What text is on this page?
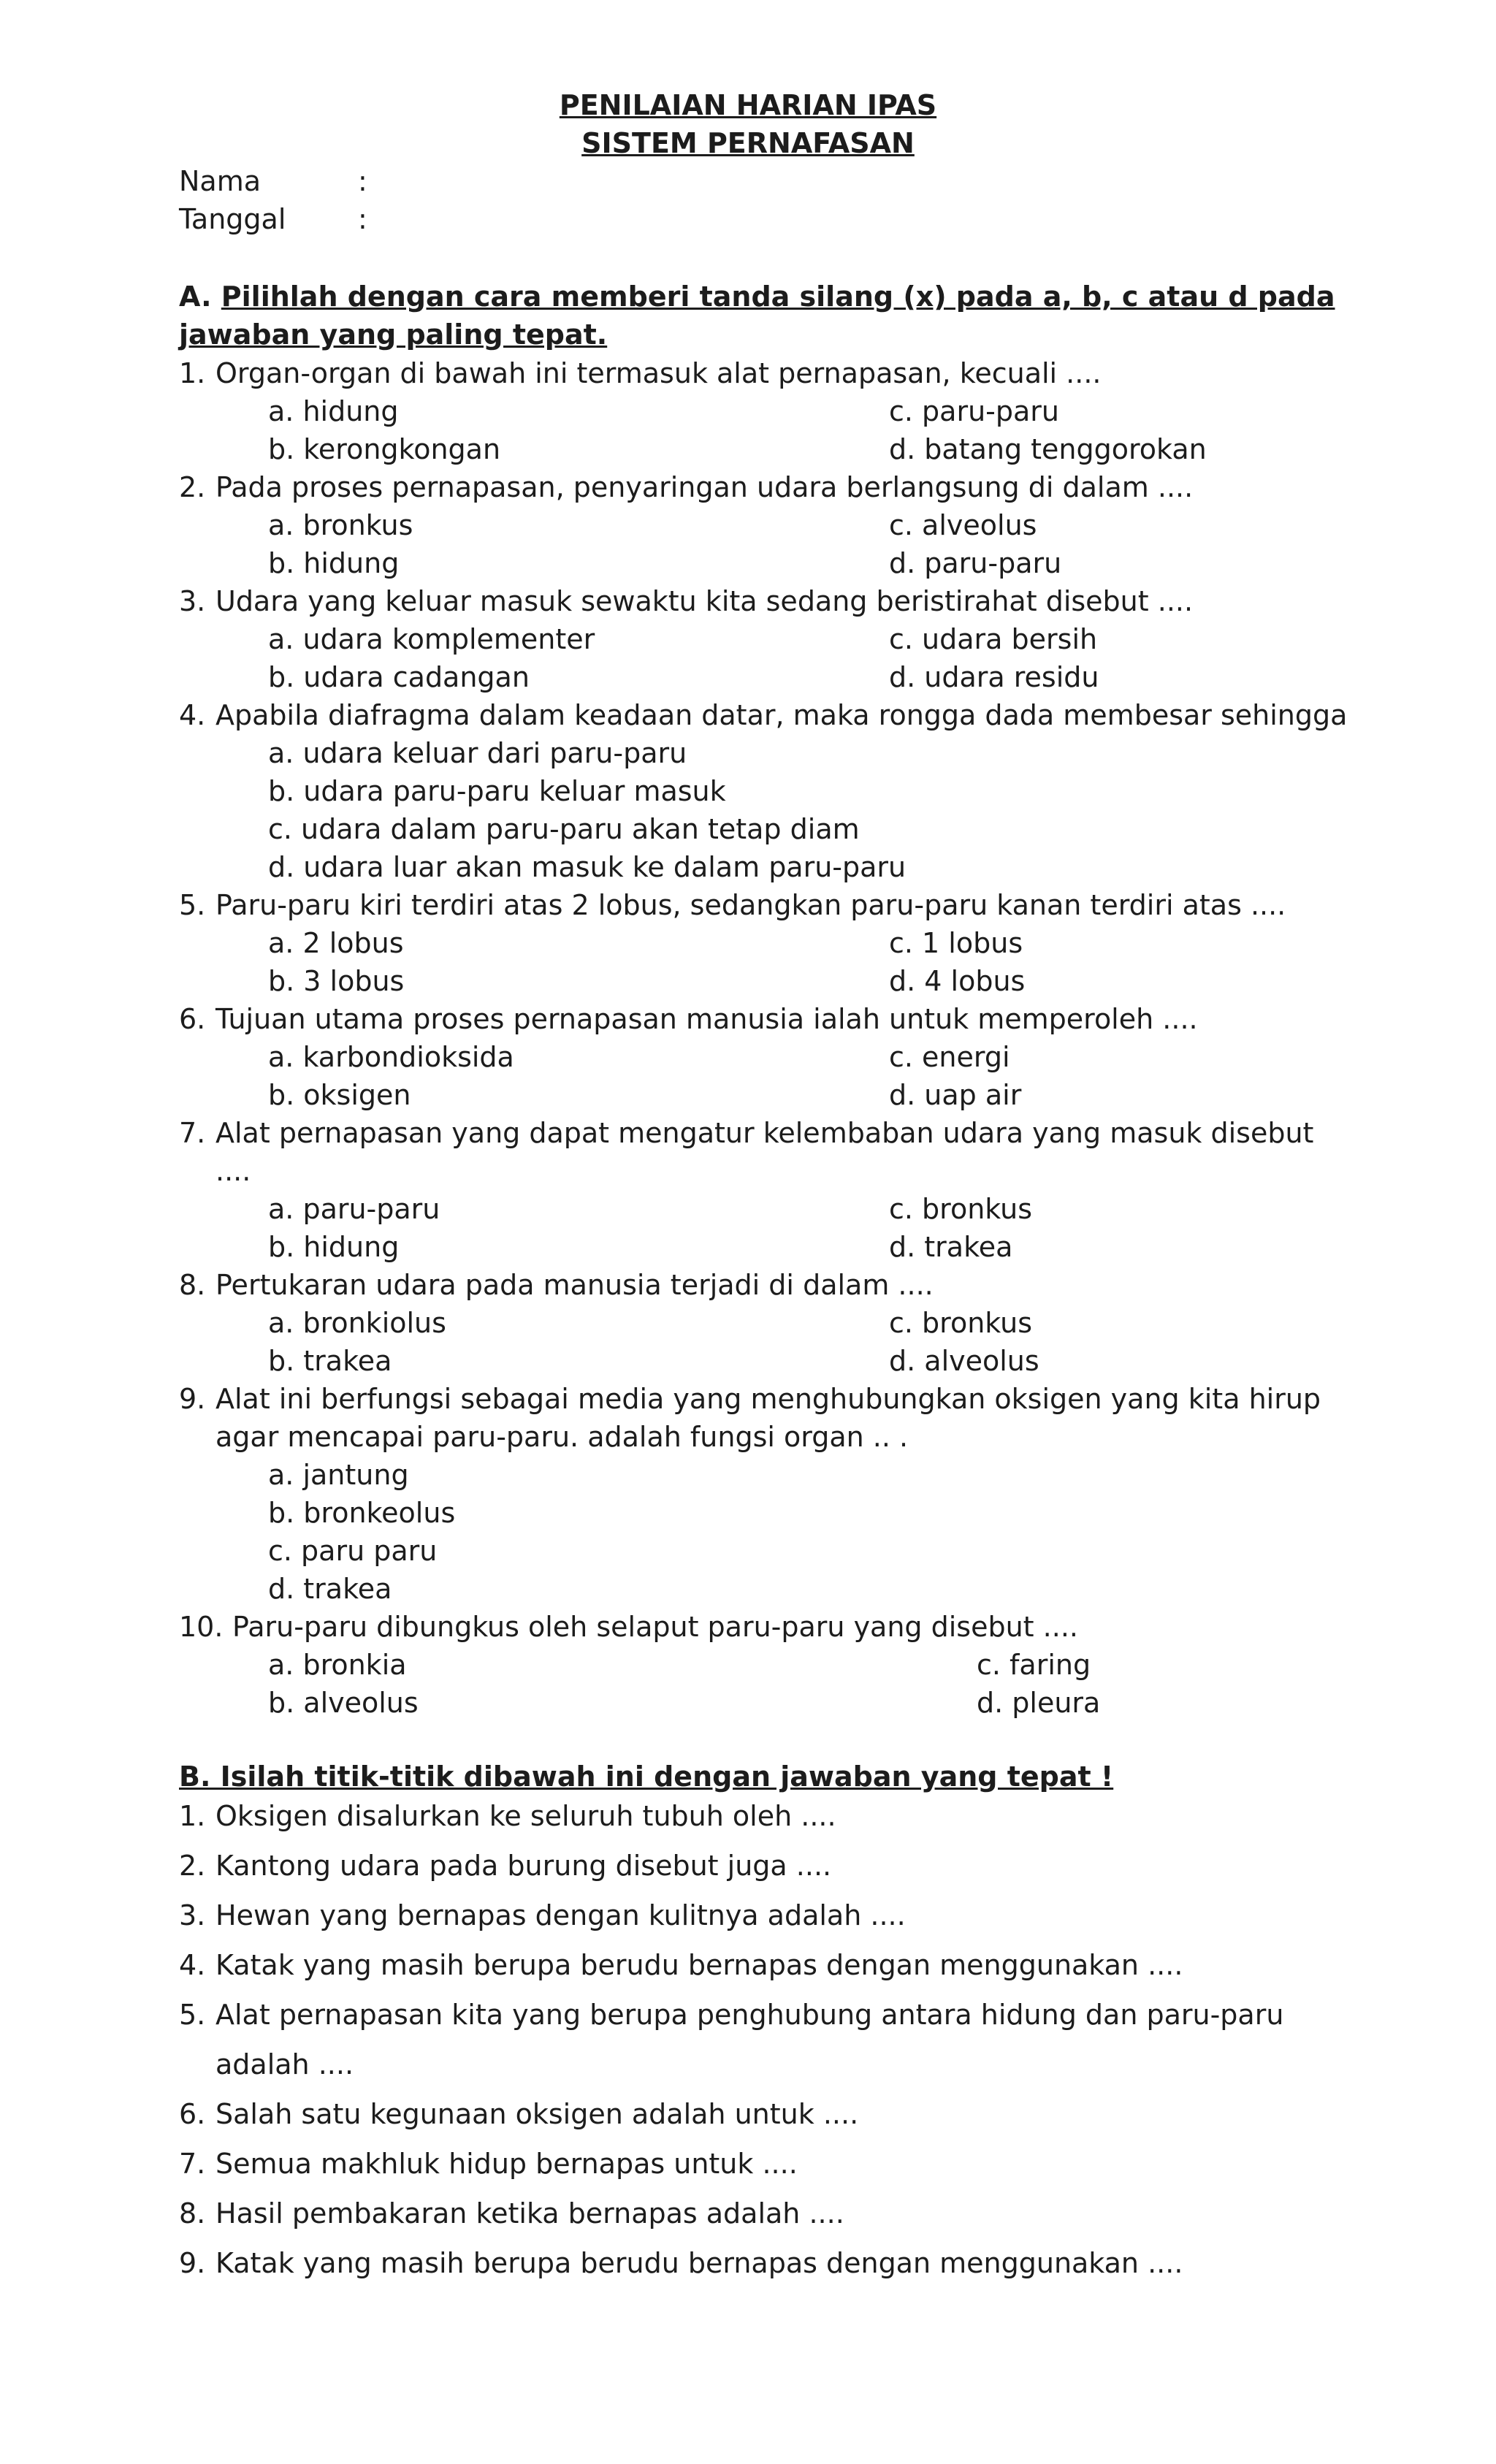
PENILAIAN HARIAN IPAS
SISTEM PERNAFASAN
Nama	:
Tanggal	:
A. Pilihlah dengan cara memberi tanda silang (x) pada a, b, c atau d pada
jawaban yang paling tepat.
1. Organ-organ di bawah ini termasuk alat pernapasan, kecuali ....
a. hidung
b. kerongkongan
c. paru-paru
d. batang tenggorokan
2. Pada proses pernapasan, penyaringan udara berlangsung di dalam ....
a. bronkus
b. hidung
c. alveolus
d. paru-paru
3. Udara yang keluar masuk sewaktu kita sedang beristirahat disebut ....
a. udara komplementer
b. udara cadangan
c. udara bersih
d. udara residu
4. Apabila diafragma dalam keadaan datar, maka rongga dada membesar sehingga
a. udara keluar dari paru-paru
b. udara paru-paru keluar masuk
c. udara dalam paru-paru akan tetap diam
d. udara luar akan masuk ke dalam paru-paru
5. Paru-paru kiri terdiri atas 2 lobus, sedangkan paru-paru kanan terdiri atas ....
a. 2 lobus
b. 3 lobus
c. 1 lobus
d. 4 lobus
6. Tujuan utama proses pernapasan manusia ialah untuk memperoleh ....
a. karbondioksida
b. oksigen
c. energi
d. uap air
7. Alat pernapasan yang dapat mengatur kelembaban udara yang masuk disebut
....
a. paru-paru
b. hidung
c. bronkus
d. trakea
8. Pertukaran udara pada manusia terjadi di dalam ....
a. bronkiolus
b. trakea
c. bronkus
d. alveolus
9. Alat ini berfungsi sebagai media yang menghubungkan oksigen yang kita hirup
agar mencapai paru-paru. adalah fungsi organ .. .
a. jantung
b. bronkeolus
c. paru paru
d. trakea
10. Paru-paru dibungkus oleh selaput paru-paru yang disebut ....
a. bronkia
b. alveolus
c. faring
d. pleura
B. Isilah titik-titik dibawah ini dengan jawaban yang tepat !
1. Oksigen disalurkan ke seluruh tubuh oleh ....
2. Kantong udara pada burung disebut juga ....
3. Hewan yang bernapas dengan kulitnya adalah ....
4. Katak yang masih berupa berudu bernapas dengan menggunakan ....
5. Alat pernapasan kita yang berupa penghubung antara hidung dan paru-paru
adalah ....
6. Salah satu kegunaan oksigen adalah untuk ....
7. Semua makhluk hidup bernapas untuk ....
8. Hasil pembakaran ketika bernapas adalah ....
9. Katak yang masih berupa berudu bernapas dengan menggunakan ....
